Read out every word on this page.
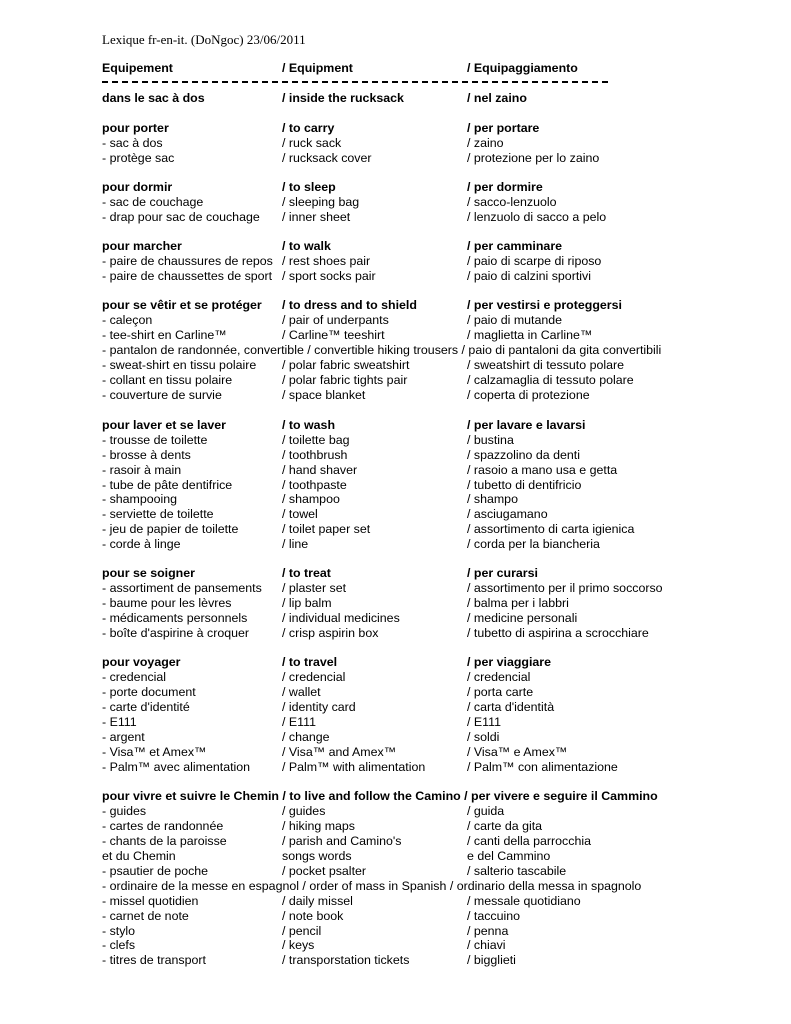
Lexique fr-en-it. (DoNgoc) 23/06/2011
Equipement	/ Equipment	/ Equipaggiamento
dans le sac à dos	/ inside the rucksack	/ nel zaino
pour porter	/ to carry	/ per portare
- sac à dos	/ ruck sack	/ zaino
- protège sac	/ rucksack cover	/ protezione per lo zaino
pour dormir	/ to sleep	/ per dormire
- sac de couchage	/ sleeping bag	/ sacco-lenzuolo
- drap pour sac de couchage / inner sheet	/ lenzuolo di sacco a pelo
pour marcher	/ to walk	/ per camminare
- paire de chaussures de repos / rest shoes pair	/ paio di scarpe di riposo
- paire de chaussettes de sport / sport socks pair	/ paio di calzini sportivi
pour se vêtir et se protéger / to dress and to shield	/ per vestirsi e proteggersi
- caleçon	/ pair of underpants	/ paio di mutande
- tee-shirt en Carline™	/ Carline™ teeshirt	/ maglietta in Carline™
- pantalon de randonnée, convertible / convertible hiking trousers / paio di pantaloni da gita convertibili
- sweat-shirt en tissu polaire / polar fabric sweatshirt	/ sweatshirt di tessuto polare
- collant en tissu polaire	/ polar fabric tights pair	/ calzamaglia di tessuto polare
- couverture de survie	/ space blanket	/ coperta di protezione
pour laver et se laver	/ to wash	/ per lavare e lavarsi
- trousse de toilette	/ toilette bag	/ bustina
- brosse à dents	/ toothbrush	/ spazzolino da denti
- rasoir à main	/ hand shaver	/ rasoio a mano usa e getta
- tube de pâte dentifrice	/ toothpaste	/ tubetto di dentifricio
- shampooing	/ shampoo	/ shampo
- serviette de toilette	/ towel	/ asciugamano
- jeu de papier de toilette	/ toilet paper set	/ assortimento di carta igienica
- corde à linge	/ line	/ corda per la biancheria
pour se soigner	/ to treat	/ per curarsi
- assortiment de pansements / plaster set	/ assortimento per il primo soccorso
- baume pour les lèvres	/ lip balm	/ balma per i labbri
- médicaments personnels	/ individual medicines	/ medicine personali
- boîte d'aspirine à croquer	/ crisp aspirin box	/ tubetto di aspirina a scrocchiare
pour voyager	/ to travel	/ per viaggiare
- credencial	/ credencial	/ credencial
- porte document	/ wallet	/ porta carte
- carte d'identité	/ identity card	/ carta d'identità
- E111	/ E111	/ E111
- argent	/ change	/ soldi
- Visa™ et Amex™	/ Visa™ and Amex™	/ Visa™ e Amex™
- Palm™ avec alimentation	/ Palm™ with alimentation	/ Palm™ con alimentazione
pour vivre et suivre le Chemin / to live and follow the Camino / per vivere e seguire il Cammino
- guides	/ guides	/ guida
- cartes de randonnée	/ hiking maps	/ carte da gita
- chants de la paroisse	/ parish and Camino's	/ canti della parrocchia
et du Chemin	songs words	e del Cammino
- psautier de poche	/ pocket psalter	/ salterio tascabile
- ordinaire de la messe en espagnol / order of mass in Spanish / ordinario della messa in spagnolo
- missel quotidien	/ daily missel	/ messale quotidiano
- carnet de note	/ note book	/ taccuino
- stylo	/ pencil	/ penna
- clefs	/ keys	/ chiavi
- titres de transport	/ transporstation tickets	/ bigglieti
